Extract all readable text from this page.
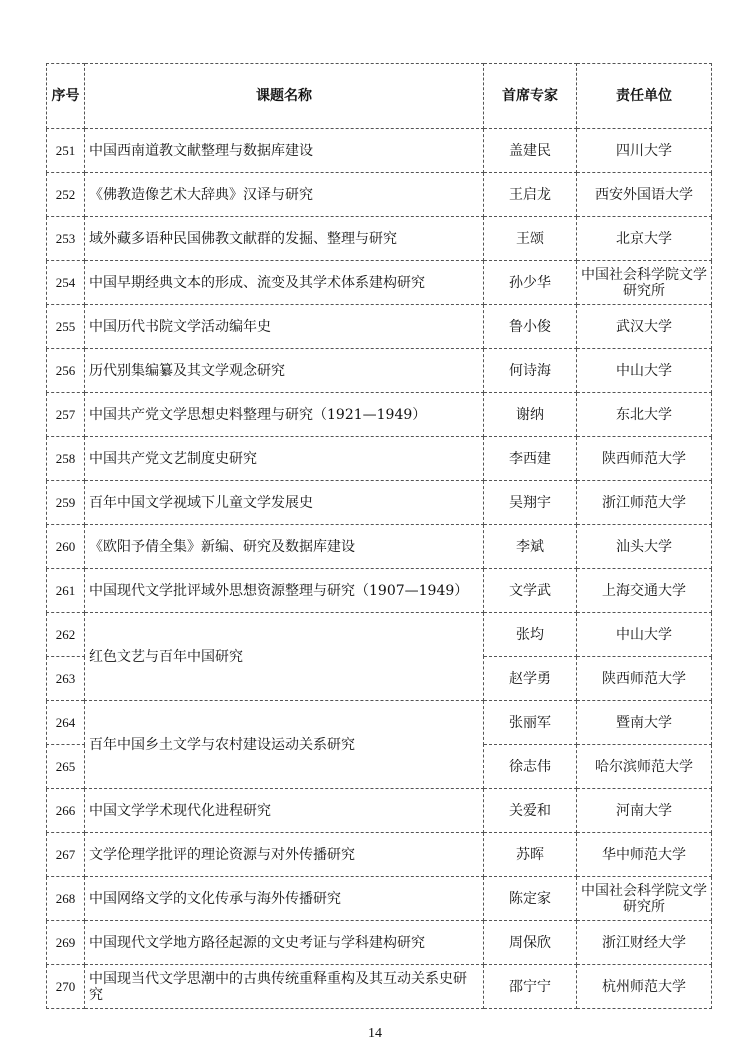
序号	课题名称	首席专家	责任单位
251	中国西南道教文献整理与数据库建设	盖建民	四川大学
252	《佛教造像艺术大辞典》汉译与研究	王启龙	西安外国语大学
253	域外藏多语种民国佛教文献群的发掘、整理与研究	王颂	北京大学
254	中国早期经典文本的形成、流变及其学术体系建构研究	孙少华	中国社会科学院文学研究所
255	中国历代书院文学活动编年史	鲁小俊	武汉大学
256	历代别集编纂及其文学观念研究	何诗海	中山大学
257	中国共产党文学思想史料整理与研究（1921—1949）	谢纳	东北大学
258	中国共产党文艺制度史研究	李西建	陕西师范大学
259	百年中国文学视域下儿童文学发展史	吴翔宇	浙江师范大学
260	《欧阳予倩全集》新编、研究及数据库建设	李斌	汕头大学
261	中国现代文学批评域外思想资源整理与研究（1907—1949）	文学武	上海交通大学
262	红色文艺与百年中国研究	张均	中山大学
263		赵学勇	陕西师范大学
264	百年中国乡土文学与农村建设运动关系研究	张丽军	暨南大学
265		徐志伟	哈尔滨师范大学
266	中国文学学术现代化进程研究	关爱和	河南大学
267	文学伦理学批评的理论资源与对外传播研究	苏晖	华中师范大学
268	中国网络文学的文化传承与海外传播研究	陈定家	中国社会科学院文学研究所
269	中国现代文学地方路径起源的文史考证与学科建构研究	周保欣	浙江财经大学
270	中国现当代文学思潮中的古典传统重释重构及其互动关系史研究	邵宁宁	杭州师范大学
14
